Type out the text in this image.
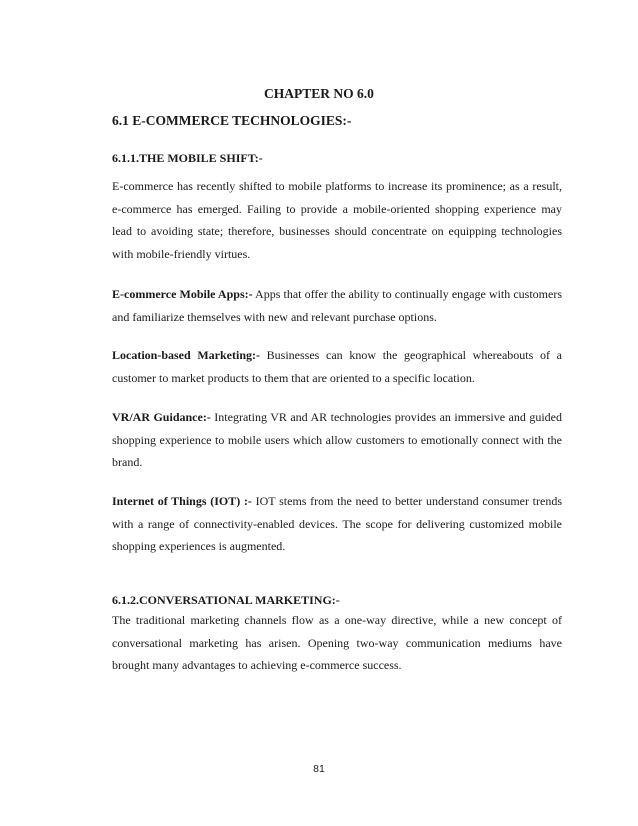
CHAPTER NO 6.0
6.1 E-COMMERCE TECHNOLOGIES:-
6.1.1.THE MOBILE SHIFT:-

E-commerce has recently shifted to mobile platforms to increase its prominence; as a result, e-commerce has emerged. Failing to provide a mobile-oriented shopping experience may lead to avoiding state; therefore, businesses should concentrate on equipping technologies with mobile-friendly virtues.

E-commerce Mobile Apps:- Apps that offer the ability to continually engage with customers and familiarize themselves with new and relevant purchase options.

Location-based Marketing:- Businesses can know the geographical whereabouts of a customer to market products to them that are oriented to a specific location.

VR/AR Guidance:- Integrating VR and AR technologies provides an immersive and guided shopping experience to mobile users which allow customers to emotionally connect with the brand.

Internet of Things (IOT) :- IOT stems from the need to better understand consumer trends with a range of connectivity-enabled devices. The scope for delivering customized mobile shopping experiences is augmented.

6.1.2.CONVERSATIONAL MARKETING:-

The traditional marketing channels flow as a one-way directive, while a new concept of conversational marketing has arisen. Opening two-way communication mediums have brought many advantages to achieving e-commerce success.

81
